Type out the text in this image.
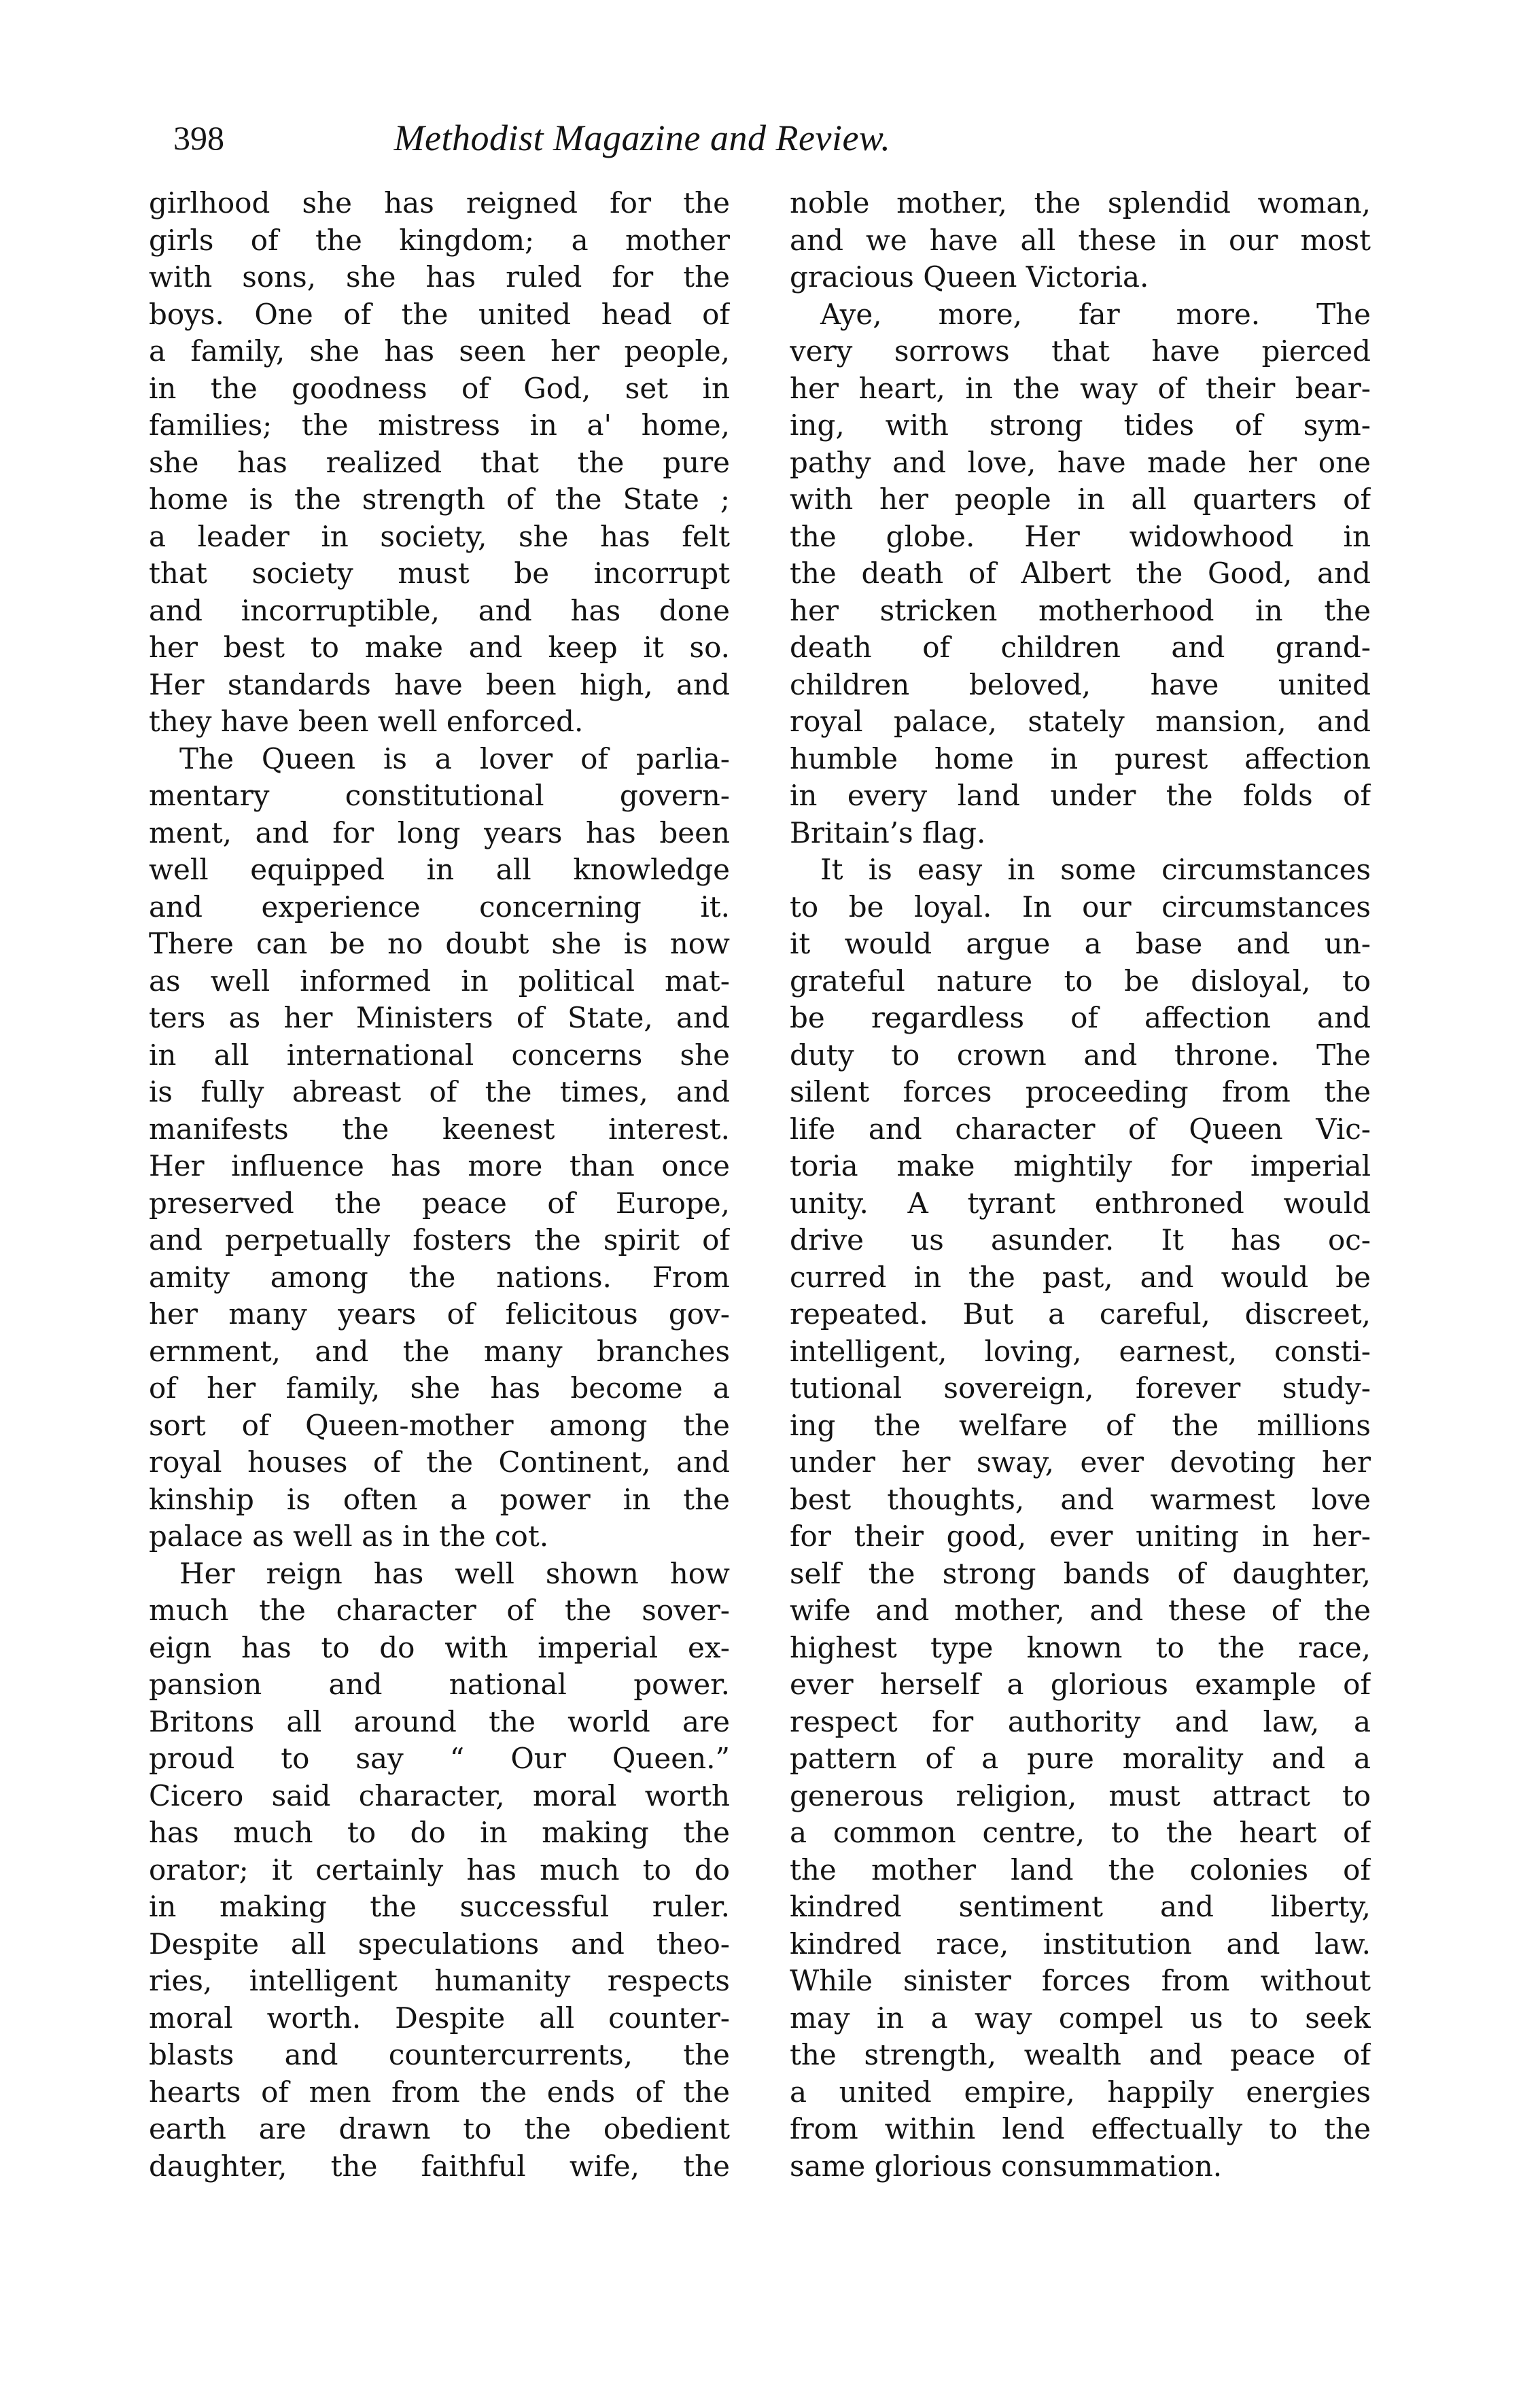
398	Methodist Magazine and Review.
girlhood she has reigned for the
girls of the kingdom; a mother
with sons, she has ruled for the
boys. One of the united head of
a family, she has seen her people,
in the goodness of God, set in
families; the mistress in a' home,
she has realized that the pure
home is the strength of the State ;
a leader in society, she has felt
that society must be incorrupt
and incorruptible, and has done
her best to make and keep it so.
Her standards have been high, and
they have been well enforced.
The Queen is a lover of parlia-
mentary constitutional govern-
ment, and for long years has been
well equipped in all knowledge
and experience concerning it.
There can be no doubt she is now
as well informed in political mat-
ters as her Ministers of State, and
in all international concerns she
is fully abreast of the times, and
manifests the keenest interest.
Her influence has more than once
preserved the peace of Europe,
and perpetually fosters the spirit of
amity among the nations. From
her many years of felicitous gov-
ernment, and the many branches
of her family, she has become a
sort of Queen-mother among the
royal houses of the Continent, and
kinship is often a power in the
palace as well as in the cot.
Her reign has well shown how
much the character of the sover-
eign has to do with imperial ex-
pansion and national power.
Britons all around the world are
proud to say “ Our Queen.”
Cicero said character, moral worth
has much to do in making the
orator; it certainly has much to do
in making the successful ruler.
Despite all speculations and theo-
ries, intelligent humanity respects
moral worth. Despite all counter-
blasts and countercurrents, the
hearts of men from the ends of the
earth are drawn to the obedient
daughter, the faithful wife, the
noble mother, the splendid woman,
and we have all these in our most
gracious Queen Victoria.
Aye, more, far more. The
very sorrows that have pierced
her heart, in the way of their bear-
ing, with strong tides of sym-
pathy and love, have made her one
with her people in all quarters of
the globe. Her widowhood in
the death of Albert the Good, and
her stricken motherhood in the
death of children and grand-
children beloved, have united
royal palace, stately mansion, and
humble home in purest affection
in every land under the folds of
Britain’s flag.
It is easy in some circumstances
to be loyal. In our circumstances
it would argue a base and un-
grateful nature to be disloyal, to
be regardless of affection and
duty to crown and throne. The
silent forces proceeding from the
life and character of Queen Vic-
toria make mightily for imperial
unity. A tyrant enthroned would
drive us asunder. It has oc-
curred in the past, and would be
repeated. But a careful, discreet,
intelligent, loving, earnest, consti-
tutional sovereign, forever study-
ing the welfare of the millions
under her sway, ever devoting her
best thoughts, and warmest love
for their good, ever uniting in her-
self the strong bands of daughter,
wife and mother, and these of the
highest type known to the race,
ever herself a glorious example of
respect for authority and law, a
pattern of a pure morality and a
generous religion, must attract to
a common centre, to the heart of
the mother land the colonies of
kindred sentiment and liberty,
kindred race, institution and law.
While sinister forces from without
may in a way compel us to seek
the strength, wealth and peace of
a united empire, happily energies
from within lend effectually to the
same glorious consummation.
